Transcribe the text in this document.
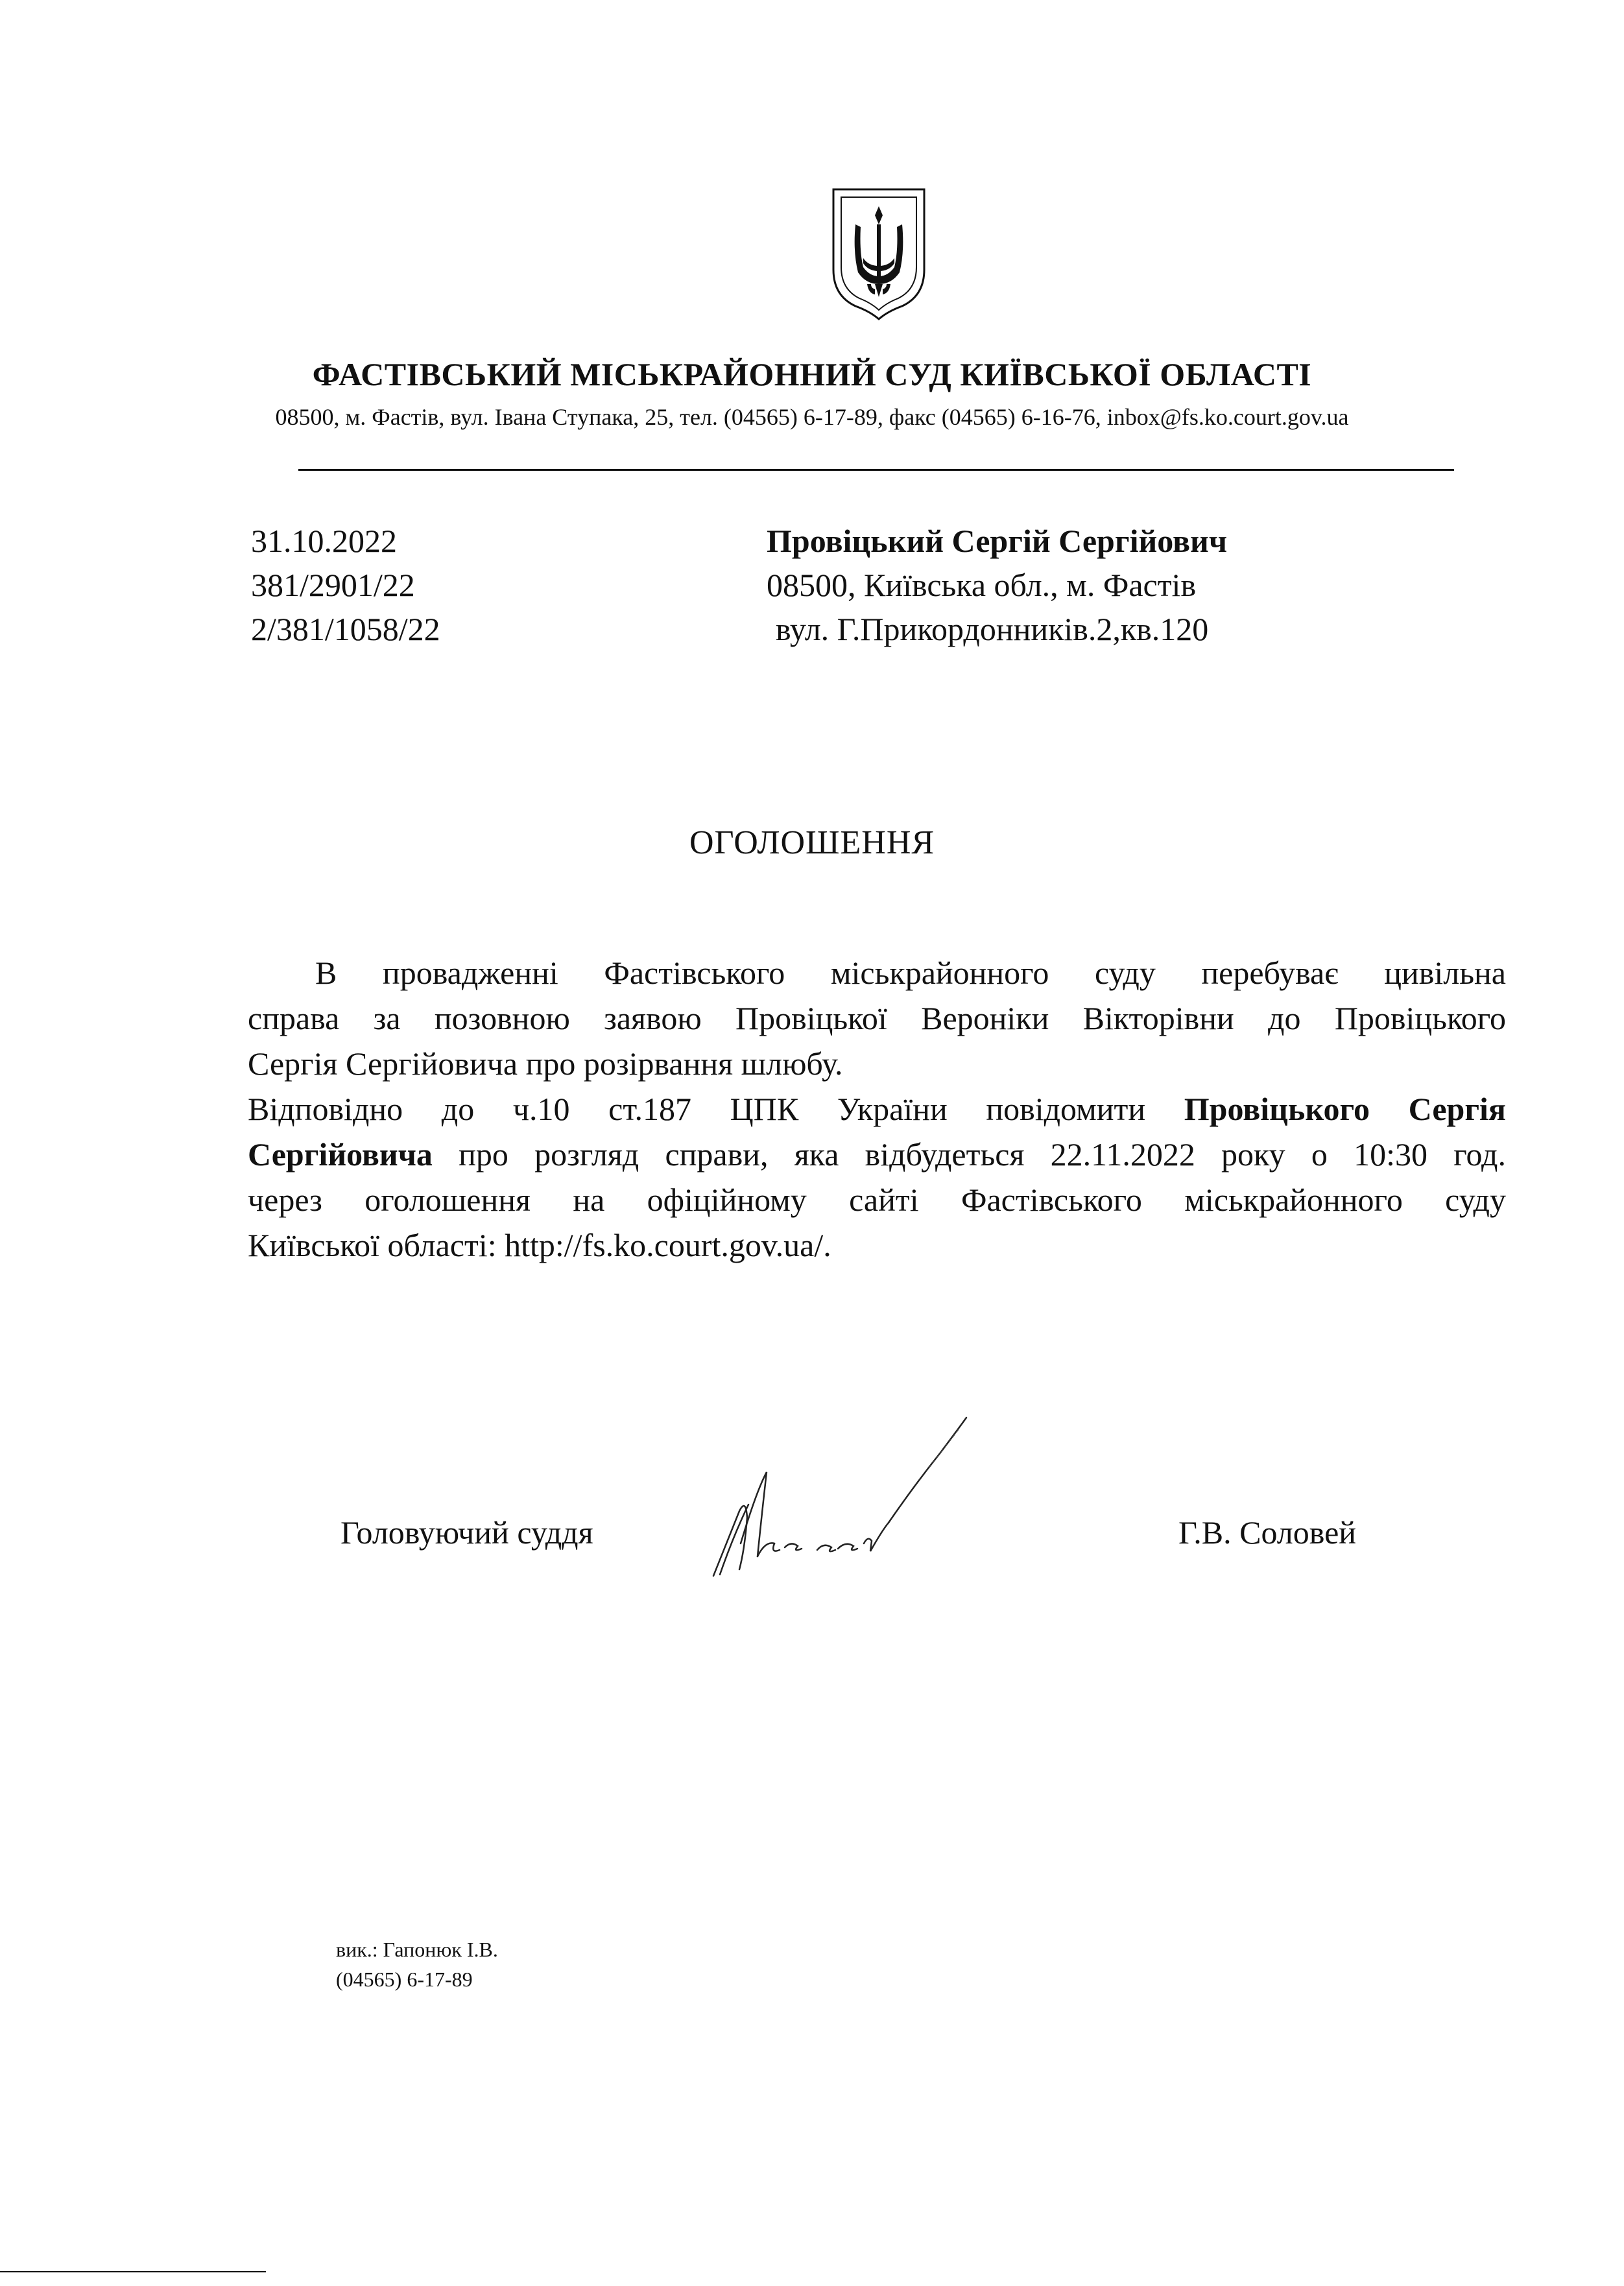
ФАСТІВСЬКИЙ МІСЬКРАЙОННИЙ СУД КИЇВСЬКОЇ ОБЛАСТІ
08500, м. Фастів, вул. Івана Ступака, 25, тел. (04565) 6-17-89, факс (04565) 6-16-76, inbox@fs.ko.court.gov.ua
31.10.2022
381/2901/22
2/381/1058/22
Провіцький Сергій Сергійович
08500, Київська обл., м. Фастів
вул. Г.Прикордонників.2,кв.120
ОГОЛОШЕННЯ
В провадженні Фастівського міськрайонного суду перебуває цивільна
справа за позовною заявою Провіцької Вероніки Вікторівни до Провіцького
Сергія Сергійовича про розірвання шлюбу.
Відповідно до ч.10 ст.187 ЦПК України повідомити Провіцького Сергія
Сергійовича про розгляд справи, яка відбудеться 22.11.2022 року о 10:30 год.
через оголошення на офіційному сайті Фастівського міськрайонного суду
Київської області: http://fs.ko.court.gov.ua/.
Головуючий суддя	Г.В. Соловей
вик.: Гапонюк І.В.
(04565) 6-17-89
